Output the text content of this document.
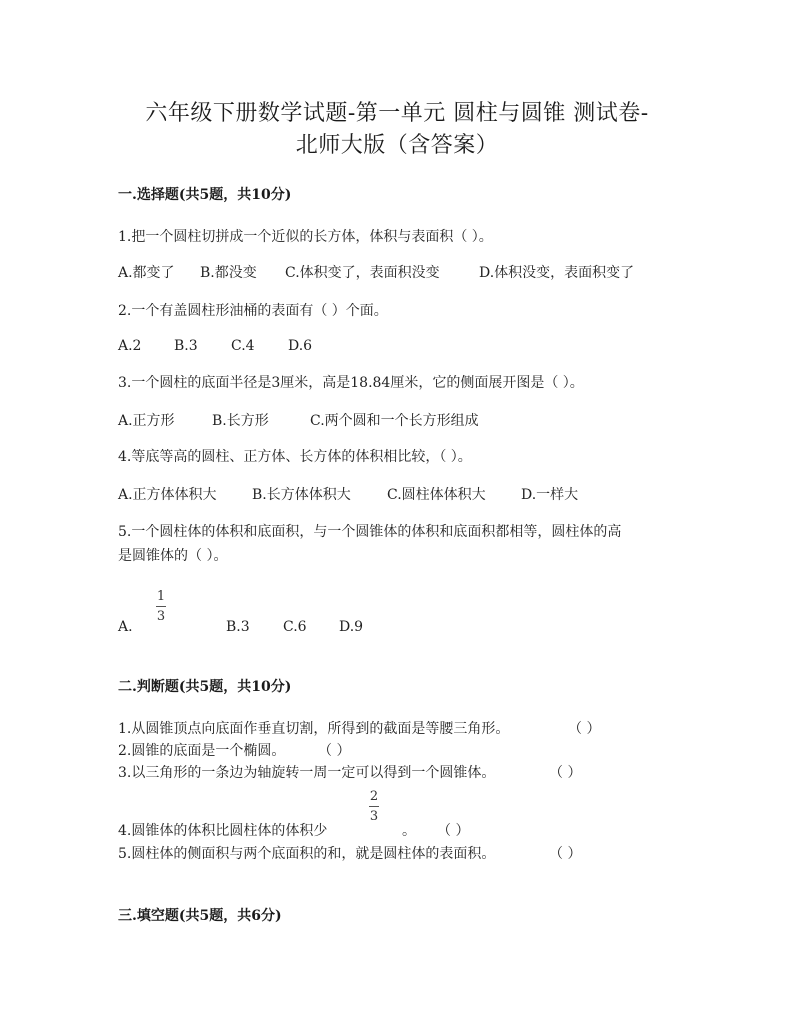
六年级下册数学试题-第一单元 圆柱与圆锥 测试卷-
北师大版（含答案）
一.选择题(共5题，共10分)
1.把一个圆柱切拼成一个近似的长方体，体积与表面积（ ）。
A.都变了 B.都没变 C.体积变了，表面积没变	D.体积没变，表面积变了
2.一个有盖圆柱形油桶的表面有（ ）个面。
A.2 B.3 C.4 D.6
3.一个圆柱的底面半径是3厘米，高是18.84厘米，它的侧面展开图是（ ）。
A.正方形	B.长方形	C.两个圆和一个长方形组成
4.等底等高的圆柱、正方体、长方体的体积相比较，（ ）。
A.正方体体积大	B.长方体体积大	C.圆柱体体积大	D.一样大
5.一个圆柱体的体积和底面积，与一个圆锥体的体积和底面积都相等，圆柱体的高
是圆锥体的（ ）。
A.
1
3
B.3 C.6 D.9
二.判断题(共5题，共10分)
1.从圆锥顶点向底面作垂直切割，所得到的截面是等腰三角形。	（ ）
2.圆锥的底面是一个椭圆。 （ ）
3.以三角形的一条边为轴旋转一周一定可以得到一个圆锥体。	（ ）
4.圆锥体的体积比圆柱体的体积少
2
3
。 （ ）
5.圆柱体的侧面积与两个底面积的和，就是圆柱体的表面积。	（ ）
三.填空题(共5题，共6分)
